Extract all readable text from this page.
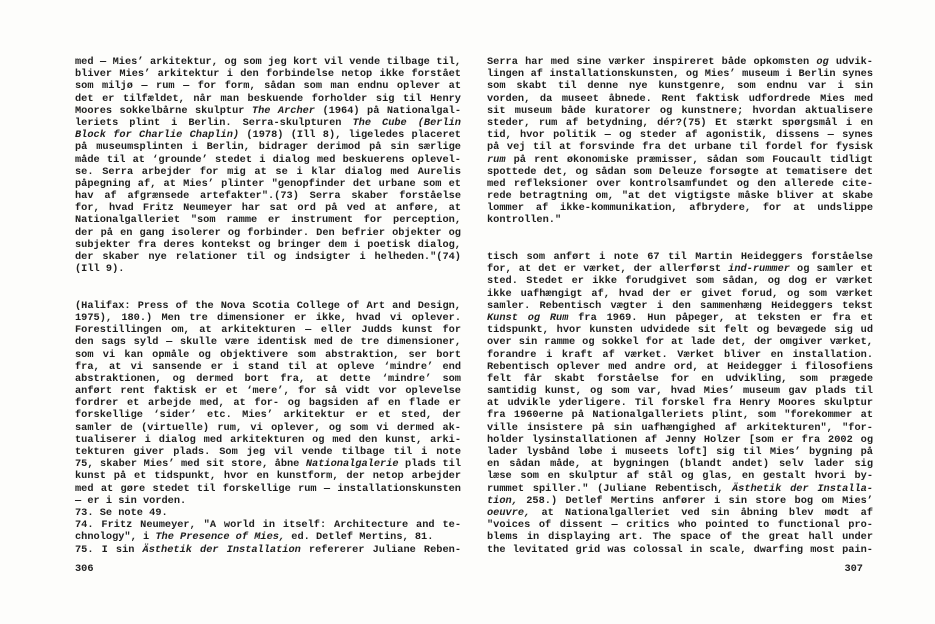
med — Mies’ arkitektur, og som jeg kort vil vende tilbage til,
bliver Mies’ arkitektur i den forbindelse netop ikke forstået
som miljø — rum — for form, sådan som man endnu oplever at
det er tilfældet, når man beskuende forholder sig til Henry
Moores sokkelbårne skulptur The Archer (1964) på Nationalgal-
leriets plint i Berlin. Serra-skulpturen The Cube (Berlin
Block for Charlie Chaplin) (1978) (Ill 8), ligeledes placeret
på museumsplinten i Berlin, bidrager derimod på sin særlige
måde til at ‘grounde’ stedet i dialog med beskuerens oplevel-
se. Serra arbejder for mig at se i klar dialog med Aurelis
påpegning af, at Mies’ plinter "genopfinder det urbane som et
hav af afgrænsede artefakter".(73) Serra skaber forståelse
for, hvad Fritz Neumeyer har sat ord på ved at anføre, at
Nationalgalleriet "som ramme er instrument for perception,
der på en gang isolerer og forbinder. Den befrier objekter og
subjekter fra deres kontekst og bringer dem i poetisk dialog,
der skaber nye relationer til og indsigter i helheden."(74)
(Ill 9).
(Halifax: Press of the Nova Scotia College of Art and Design,
1975), 180.) Men tre dimensioner er ikke, hvad vi oplever.
Forestillingen om, at arkitekturen — eller Judds kunst for
den sags syld — skulle være identisk med de tre dimensioner,
som vi kan opmåle og objektivere som abstraktion, ser bort
fra, at vi sansende er i stand til at opleve ‘mindre’ end
abstraktionen, og dermed bort fra, at dette ‘mindre’ som
anført rent faktisk er et ‘mere’, for så vidt vor oplevelse
fordrer et arbejde med, at for- og bagsiden af en flade er
forskellige ‘sider’ etc. Mies’ arkitektur er et sted, der
samler de (virtuelle) rum, vi oplever, og som vi dermed ak-
tualiserer i dialog med arkitekturen og med den kunst, arki-
tekturen giver plads. Som jeg vil vende tilbage til i note
75, skaber Mies’ med sit store, åbne Nationalgalerie plads til
kunst på et tidspunkt, hvor en kunstform, der netop arbejder
med at gøre stedet til forskellige rum — installationskunsten
— er i sin vorden.
73. Se note 49.
74. Fritz Neumeyer, "A world in itself: Architecture and te-
chnology", i The Presence of Mies, ed. Detlef Mertins, 81.
75. I sin Ästhetik der Installation refererer Juliane Reben-
306
Serra har med sine værker inspireret både opkomsten og udvik-
lingen af installationskunsten, og Mies’ museum i Berlin synes
som skabt til denne nye kunstgenre, som endnu var i sin
vorden, da museet åbnede. Rent faktisk udfordrede Mies med
sit museum både kuratorer og kunstnere; hvordan aktualisere
steder, rum af betydning, dér?(75) Et stærkt spørgsmål i en
tid, hvor politik — og steder af agonistik, dissens — synes
på vej til at forsvinde fra det urbane til fordel for fysisk
rum på rent økonomiske præmisser, sådan som Foucault tidligt
spottede det, og sådan som Deleuze forsøgte at tematisere det
med refleksioner over kontrolsamfundet og den allerede cite-
rede betragtning om, "at det vigtigste måske bliver at skabe
lommer af ikke-kommunikation, afbrydere, for at undslippe
kontrollen."
tisch som anført i note 67 til Martin Heideggers forståelse
for, at det er værket, der allerførst ind-rummer og samler et
sted. Stedet er ikke forudgivet som sådan, og dog er værket
ikke uafhængigt af, hvad der er givet forud, og som værket
samler. Rebentisch vægter i den sammenhæng Heideggers tekst
Kunst og Rum fra 1969. Hun påpeger, at teksten er fra et
tidspunkt, hvor kunsten udvidede sit felt og bevægede sig ud
over sin ramme og sokkel for at lade det, der omgiver værket,
forandre i kraft af værket. Værket bliver en installation.
Rebentisch oplever med andre ord, at Heidegger i filosofiens
felt får skabt forståelse for en udvikling, som prægede
samtidig kunst, og som var, hvad Mies’ museum gav plads til
at udvikle yderligere. Til forskel fra Henry Moores skulptur
fra 1960erne på Nationalgalleriets plint, som "forekommer at
ville insistere på sin uafhængighed af arkitekturen", "for-
holder lysinstallationen af Jenny Holzer [som er fra 2002 og
lader lysbånd løbe i museets loft] sig til Mies’ bygning på
en sådan måde, at bygningen (blandt andet) selv lader sig
læse som en skulptur af stål og glas, en gestalt hvori by-
rummet spiller." (Juliane Rebentisch, Ästhetik der Installa-
tion, 258.) Detlef Mertins anfører i sin store bog om Mies’
oeuvre, at Nationalgalleriet ved sin åbning blev mødt af
"voices of dissent — critics who pointed to functional pro-
blems in displaying art. The space of the great hall under
the levitated grid was colossal in scale, dwarfing most pain-
307
